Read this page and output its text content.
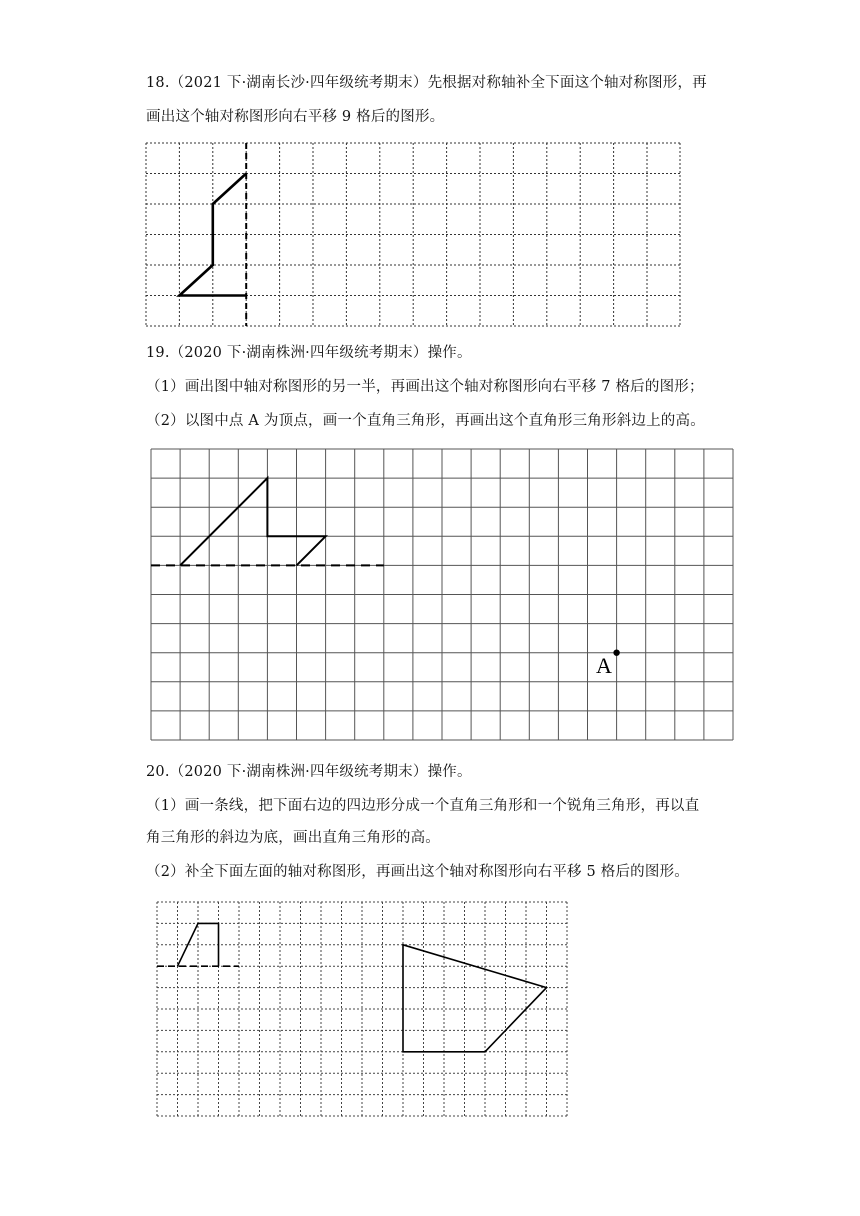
18.（2021 下·湖南长沙·四年级统考期末）先根据对称轴补全下面这个轴对称图形，再
画出这个轴对称图形向右平移 9 格后的图形。
19.（2020 下·湖南株洲·四年级统考期末）操作。
（1）画出图中轴对称图形的另一半，再画出这个轴对称图形向右平移 7 格后的图形；
（2）以图中点 A 为顶点，画一个直角三角形，再画出这个直角形三角形斜边上的高。
A
20.（2020 下·湖南株洲·四年级统考期末）操作。
（1）画一条线，把下面右边的四边形分成一个直角三角形和一个锐角三角形，再以直
角三角形的斜边为底，画出直角三角形的高。
（2）补全下面左面的轴对称图形，再画出这个轴对称图形向右平移 5 格后的图形。
